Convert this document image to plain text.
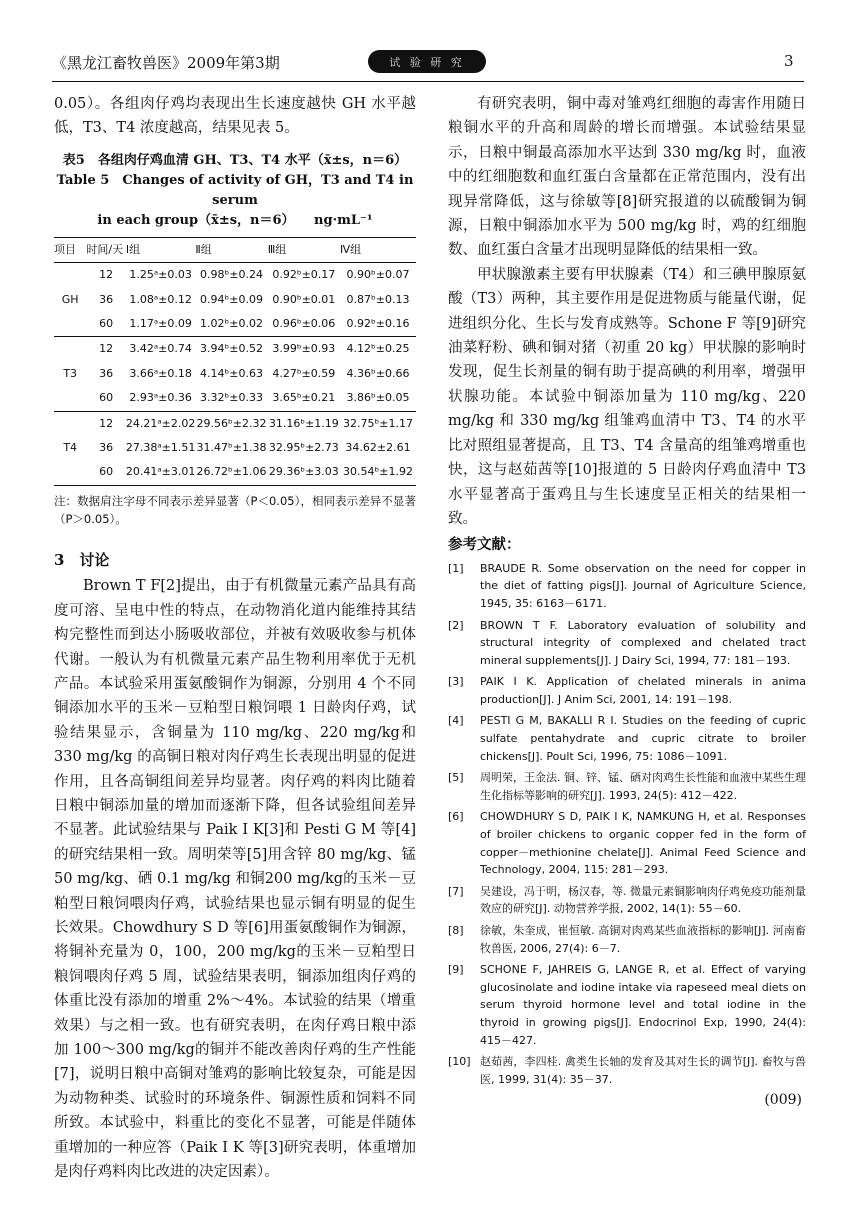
《黑龙江畜牧兽医》2009年第3期	试 验 研 究	3

0.05）。各组肉仔鸡均表现出生长速度越快 GH 水平越低，T3、T4 浓度越高，结果见表 5。

表5　各组肉仔鸡血清 GH、T3、T4 水平（x̄±s，n＝6）
Table 5　Changes of activity of GH，T3 and T4 in serum
in each group（x̄±s，n＝6）　　ng·mL⁻¹
项目	时间/天	Ⅰ组	Ⅱ组	Ⅲ组	Ⅳ组
GH	12	1.25ᵃ±0.03	0.98ᵇ±0.24	0.92ᵇ±0.17	0.90ᵇ±0.07
	36	1.08ᵃ±0.12	0.94ᵇ±0.09	0.90ᵇ±0.01	0.87ᵇ±0.13
	60	1.17ᵃ±0.09	1.02ᵇ±0.02	0.96ᵇ±0.06	0.92ᵇ±0.16
T3	12	3.42ᵃ±0.74	3.94ᵇ±0.52	3.99ᵇ±0.93	4.12ᵇ±0.25
	36	3.66ᵃ±0.18	4.14ᵇ±0.63	4.27ᵇ±0.59	4.36ᵇ±0.66
	60	2.93ᵃ±0.36	3.32ᵇ±0.33	3.65ᵇ±0.21	3.86ᵇ±0.05
T4	12	24.21ᵃ±2.02	29.56ᵇ±2.32	31.16ᵇ±1.19	32.75ᵇ±1.17
	36	27.38ᵃ±1.51	31.47ᵇ±1.38	32.95ᵇ±2.73	34.62±2.61
	60	20.41ᵃ±3.01	26.72ᵇ±1.06	29.36ᵇ±3.03	30.54ᵇ±1.92
注：数据肩注字母不同表示差异显著（P＜0.05），相同表示差异不显著（P＞0.05）。
3　讨论

Brown T F[2]提出，由于有机微量元素产品具有高度可溶、呈电中性的特点，在动物消化道内能维持其结构完整性而到达小肠吸收部位，并被有效吸收参与机体代谢。一般认为有机微量元素产品生物利用率优于无机产品。本试验采用蛋氨酸铜作为铜源，分别用 4 个不同铜添加水平的玉米－豆粕型日粮饲喂 1 日龄肉仔鸡，试验结果显示，含铜量为 110 mg/kg、220 mg/kg和 330 mg/kg 的高铜日粮对肉仔鸡生长表现出明显的促进作用，且各高铜组间差异均显著。肉仔鸡的料肉比随着日粮中铜添加量的增加而逐渐下降，但各试验组间差异不显著。此试验结果与 Paik I K[3]和 Pesti G M 等[4]的研究结果相一致。周明荣等[5]用含锌 80 mg/kg、锰 50 mg/kg、硒 0.1 mg/kg 和铜200 mg/kg的玉米－豆粕型日粮饲喂肉仔鸡，试验结果也显示铜有明显的促生长效果。Chowdhury S D 等[6]用蛋氨酸铜作为铜源，将铜补充量为 0，100，200 mg/kg的玉米－豆粕型日粮饲喂肉仔鸡 5 周，试验结果表明，铜添加组肉仔鸡的体重比没有添加的增重 2%～4%。本试验的结果（增重效果）与之相一致。也有研究表明，在肉仔鸡日粮中添加 100～300 mg/kg的铜并不能改善肉仔鸡的生产性能[7]，说明日粮中高铜对雏鸡的影响比较复杂，可能是因为动物种类、试验时的环境条件、铜源性质和饲料不同所致。本试验中，料重比的变化不显著，可能是伴随体重增加的一种应答（Paik I K 等[3]研究表明，体重增加是肉仔鸡料肉比改进的决定因素）。

有研究表明，铜中毒对雏鸡红细胞的毒害作用随日粮铜水平的升高和周龄的增长而增强。本试验结果显示，日粮中铜最高添加水平达到 330 mg/kg 时，血液中的红细胞数和血红蛋白含量都在正常范围内，没有出现异常降低，这与徐敏等[8]研究报道的以硫酸铜为铜源，日粮中铜添加水平为 500 mg/kg 时，鸡的红细胞数、血红蛋白含量才出现明显降低的结果相一致。

甲状腺激素主要有甲状腺素（T4）和三碘甲腺原氨酸（T3）两种，其主要作用是促进物质与能量代谢，促进组织分化、生长与发育成熟等。Schone F 等[9]研究油菜籽粉、碘和铜对猪（初重 20 kg）甲状腺的影响时发现，促生长剂量的铜有助于提高碘的利用率，增强甲状腺功能。本试验中铜添加量为 110 mg/kg、220 mg/kg 和 330 mg/kg 组雏鸡血清中 T3、T4 的水平比对照组显著提高，且 T3、T4 含量高的组雏鸡增重也快，这与赵茹茜等[10]报道的 5 日龄肉仔鸡血清中 T3 水平显著高于蛋鸡且与生长速度呈正相关的结果相一致。

参考文献：
[1]	BRAUDE R. Some observation on the need for copper in the diet of fatting pigs[J]. Journal of Agriculture Science, 1945, 35: 6163－6171.
[2]	BROWN T F. Laboratory evaluation of solubility and structural integrity of complexed and chelated tract mineral supplements[J]. J Dairy Sci, 1994, 77: 181－193.
[3]	PAIK I K. Application of chelated minerals in anima production[J]. J Anim Sci, 2001, 14: 191－198.
[4]	PESTI G M, BAKALLI R I. Studies on the feeding of cupric sulfate pentahydrate and cupric citrate to broiler chickens[J]. Poult Sci, 1996, 75: 1086－1091.
[5]	周明荣，王金法. 铜、锌、锰、硒对肉鸡生长性能和血液中某些生理生化指标等影响的研究[J]. 1993, 24(5): 412－422.
[6]	CHOWDHURY S D, PAIK I K, NAMKUNG H, et al. Responses of broiler chickens to organic copper fed in the form of copper－methionine chelate[J]. Animal Feed Science and Technology, 2004, 115: 281－293.
[7]	吴建设，冯于明，杨汉春，等. 微量元素铜影响肉仔鸡免疫功能剂量效应的研究[J]. 动物营养学报, 2002, 14(1): 55－60.
[8]	徐敏，朱奎成，崔恒敏. 高铜对肉鸡某些血液指标的影响[J]. 河南畜牧兽医, 2006, 27(4): 6－7.
[9]	SCHONE F, JAHREIS G, LANGE R, et al. Effect of varying glucosinolate and iodine intake via rapeseed meal diets on serum thyroid hormone level and total iodine in the thyroid in growing pigs[J]. Endocrinol Exp, 1990, 24(4): 415－427.
[10] 赵茹茜，李四桂. 禽类生长轴的发育及其对生长的调节[J]. 畜牧与兽医, 1999, 31(4): 35－37.
(009)
